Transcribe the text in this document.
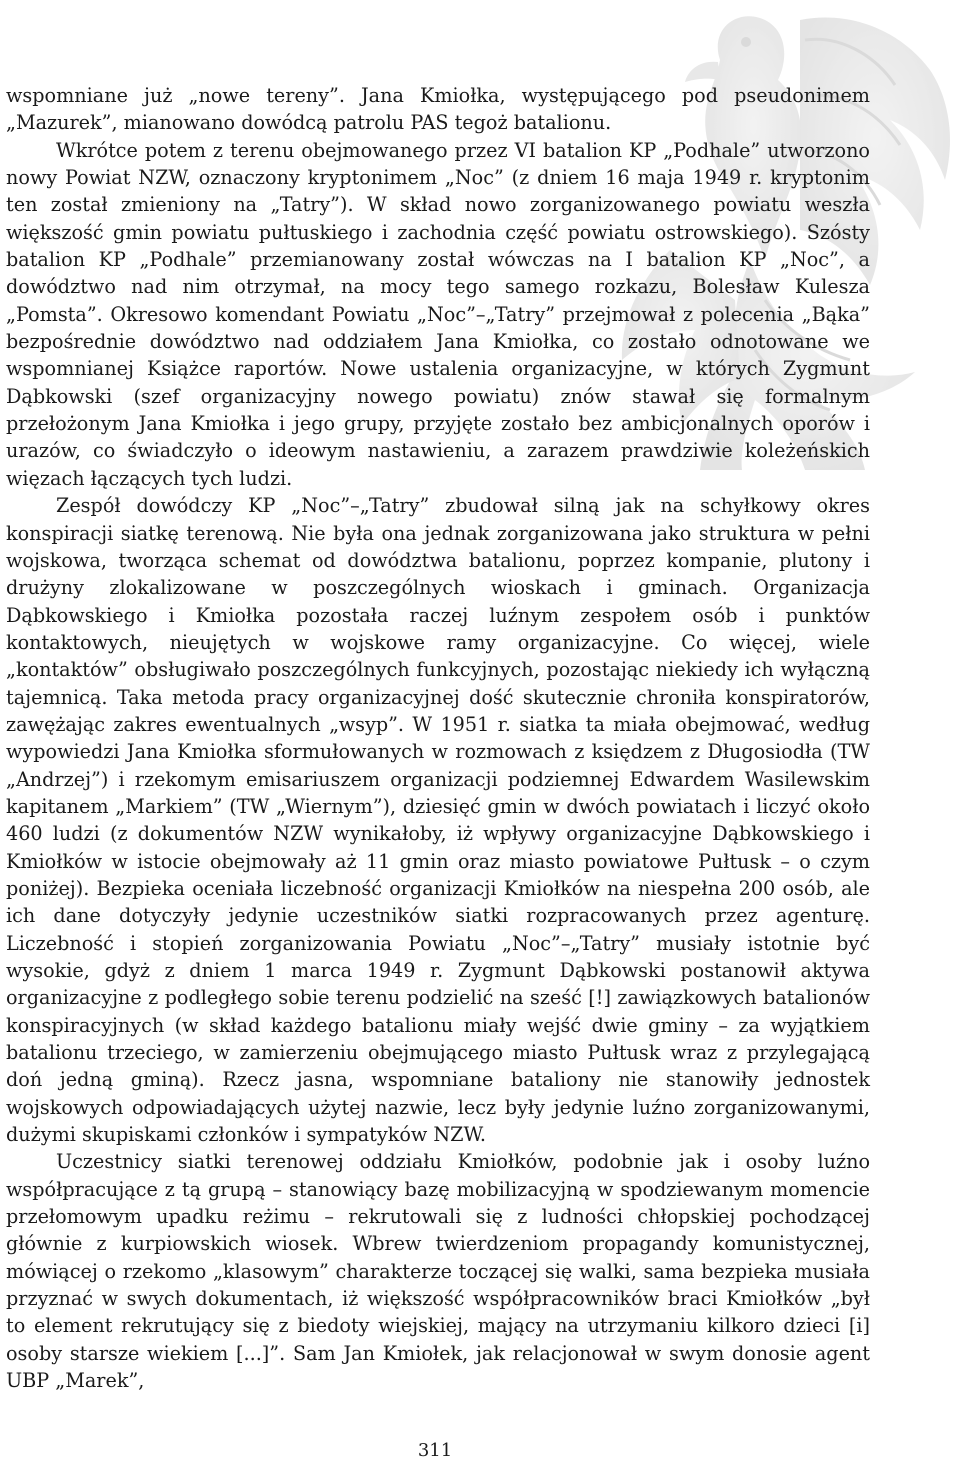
wspomniane już „nowe tereny”. Jana Kmiołka, występującego pod pseudonimem „Mazurek”, mianowano dowódcą patrolu PAS tegoż batalionu.

Wkrótce potem z terenu obejmowanego przez VI batalion KP „Podhale” utworzono nowy Powiat NZW, oznaczony kryptonimem „Noc” (z dniem 16 maja 1949 r. kryptonim ten został zmieniony na „Tatry”). W skład nowo zorganizowanego powiatu weszła większość gmin powiatu pułtuskiego i zachodnia część powiatu ostrowskiego). Szósty batalion KP „Podhale” przemianowany został wówczas na I batalion KP „Noc”, a dowództwo nad nim otrzymał, na mocy tego samego rozkazu, Bolesław Kulesza „Pomsta”. Okresowo komendant Powiatu „Noc”–„Tatry” przejmował z polecenia „Bąka” bezpośrednie dowództwo nad oddziałem Jana Kmiołka, co zostało odnotowane we wspomnianej Książce raportów. Nowe ustalenia organizacyjne, w których Zygmunt Dąbkowski (szef organizacyjny nowego powiatu) znów stawał się formalnym przełożonym Jana Kmiołka i jego grupy, przyjęte zostało bez ambicjonalnych oporów i urazów, co świadczyło o ideowym nastawieniu, a zarazem prawdziwie koleżeńskich więzach łączących tych ludzi.

Zespół dowódczy KP „Noc”–„Tatry” zbudował silną jak na schyłkowy okres konspiracji siatkę terenową. Nie była ona jednak zorganizowana jako struktura w pełni wojskowa, tworząca schemat od dowództwa batalionu, poprzez kompanie, plutony i drużyny zlokalizowane w poszczególnych wioskach i gminach. Organizacja Dąbkowskiego i Kmiołka pozostała raczej luźnym zespołem osób i punktów kontaktowych, nieujętych w wojskowe ramy organizacyjne. Co więcej, wiele „kontaktów” obsługiwało poszczególnych funkcyjnych, pozostając niekiedy ich wyłączną tajemnicą. Taka metoda pracy organizacyjnej dość skutecznie chroniła konspiratorów, zawężając zakres ewentualnych „wsyp”. W 1951 r. siatka ta miała obejmować, według wypowiedzi Jana Kmiołka sformułowanych w rozmowach z księdzem z Długosiodła (TW „Andrzej”) i rzekomym emisariuszem organizacji podziemnej Edwardem Wasilewskim kapitanem „Markiem” (TW „Wiernym”), dziesięć gmin w dwóch powiatach i liczyć około 460 ludzi (z dokumentów NZW wynikałoby, iż wpływy organizacyjne Dąbkowskiego i Kmiołków w istocie obejmowały aż 11 gmin oraz miasto powiatowe Pułtusk – o czym poniżej). Bezpieka oceniała liczebność organizacji Kmiołków na niespełna 200 osób, ale ich dane dotyczyły jedynie uczestników siatki rozpracowanych przez agenturę. Liczebność i stopień zorganizowania Powiatu „Noc”–„Tatry” musiały istotnie być wysokie, gdyż z dniem 1 marca 1949 r. Zygmunt Dąbkowski postanowił aktywa organizacyjne z podległego sobie terenu podzielić na sześć [!] zawiązkowych batalionów konspiracyjnych (w skład każdego batalionu miały wejść dwie gminy – za wyjątkiem batalionu trzeciego, w zamierzeniu obejmującego miasto Pułtusk wraz z przylegającą doń jedną gminą). Rzecz jasna, wspomniane bataliony nie stanowiły jednostek wojskowych odpowiadających użytej nazwie, lecz były jedynie luźno zorganizowanymi, dużymi skupiskami członków i sympatyków NZW.

Uczestnicy siatki terenowej oddziału Kmiołków, podobnie jak i osoby luźno współpracujące z tą grupą – stanowiący bazę mobilizacyjną w spodziewanym momencie przełomowym upadku reżimu – rekrutowali się z ludności chłopskiej pochodzącej głównie z kurpiowskich wiosek. Wbrew twierdzeniom propagandy komunistycznej, mówiącej o rzekomo „klasowym” charakterze toczącej się walki, sama bezpieka musiała przyznać w swych dokumentach, iż większość współpracowników braci Kmiołków „był to element rekrutujący się z biedoty wiejskiej, mający na utrzymaniu kilkoro dzieci [i] osoby starsze wiekiem [...]”. Sam Jan Kmiołek, jak relacjonował w swym donosie agent UBP „Marek”,

311
